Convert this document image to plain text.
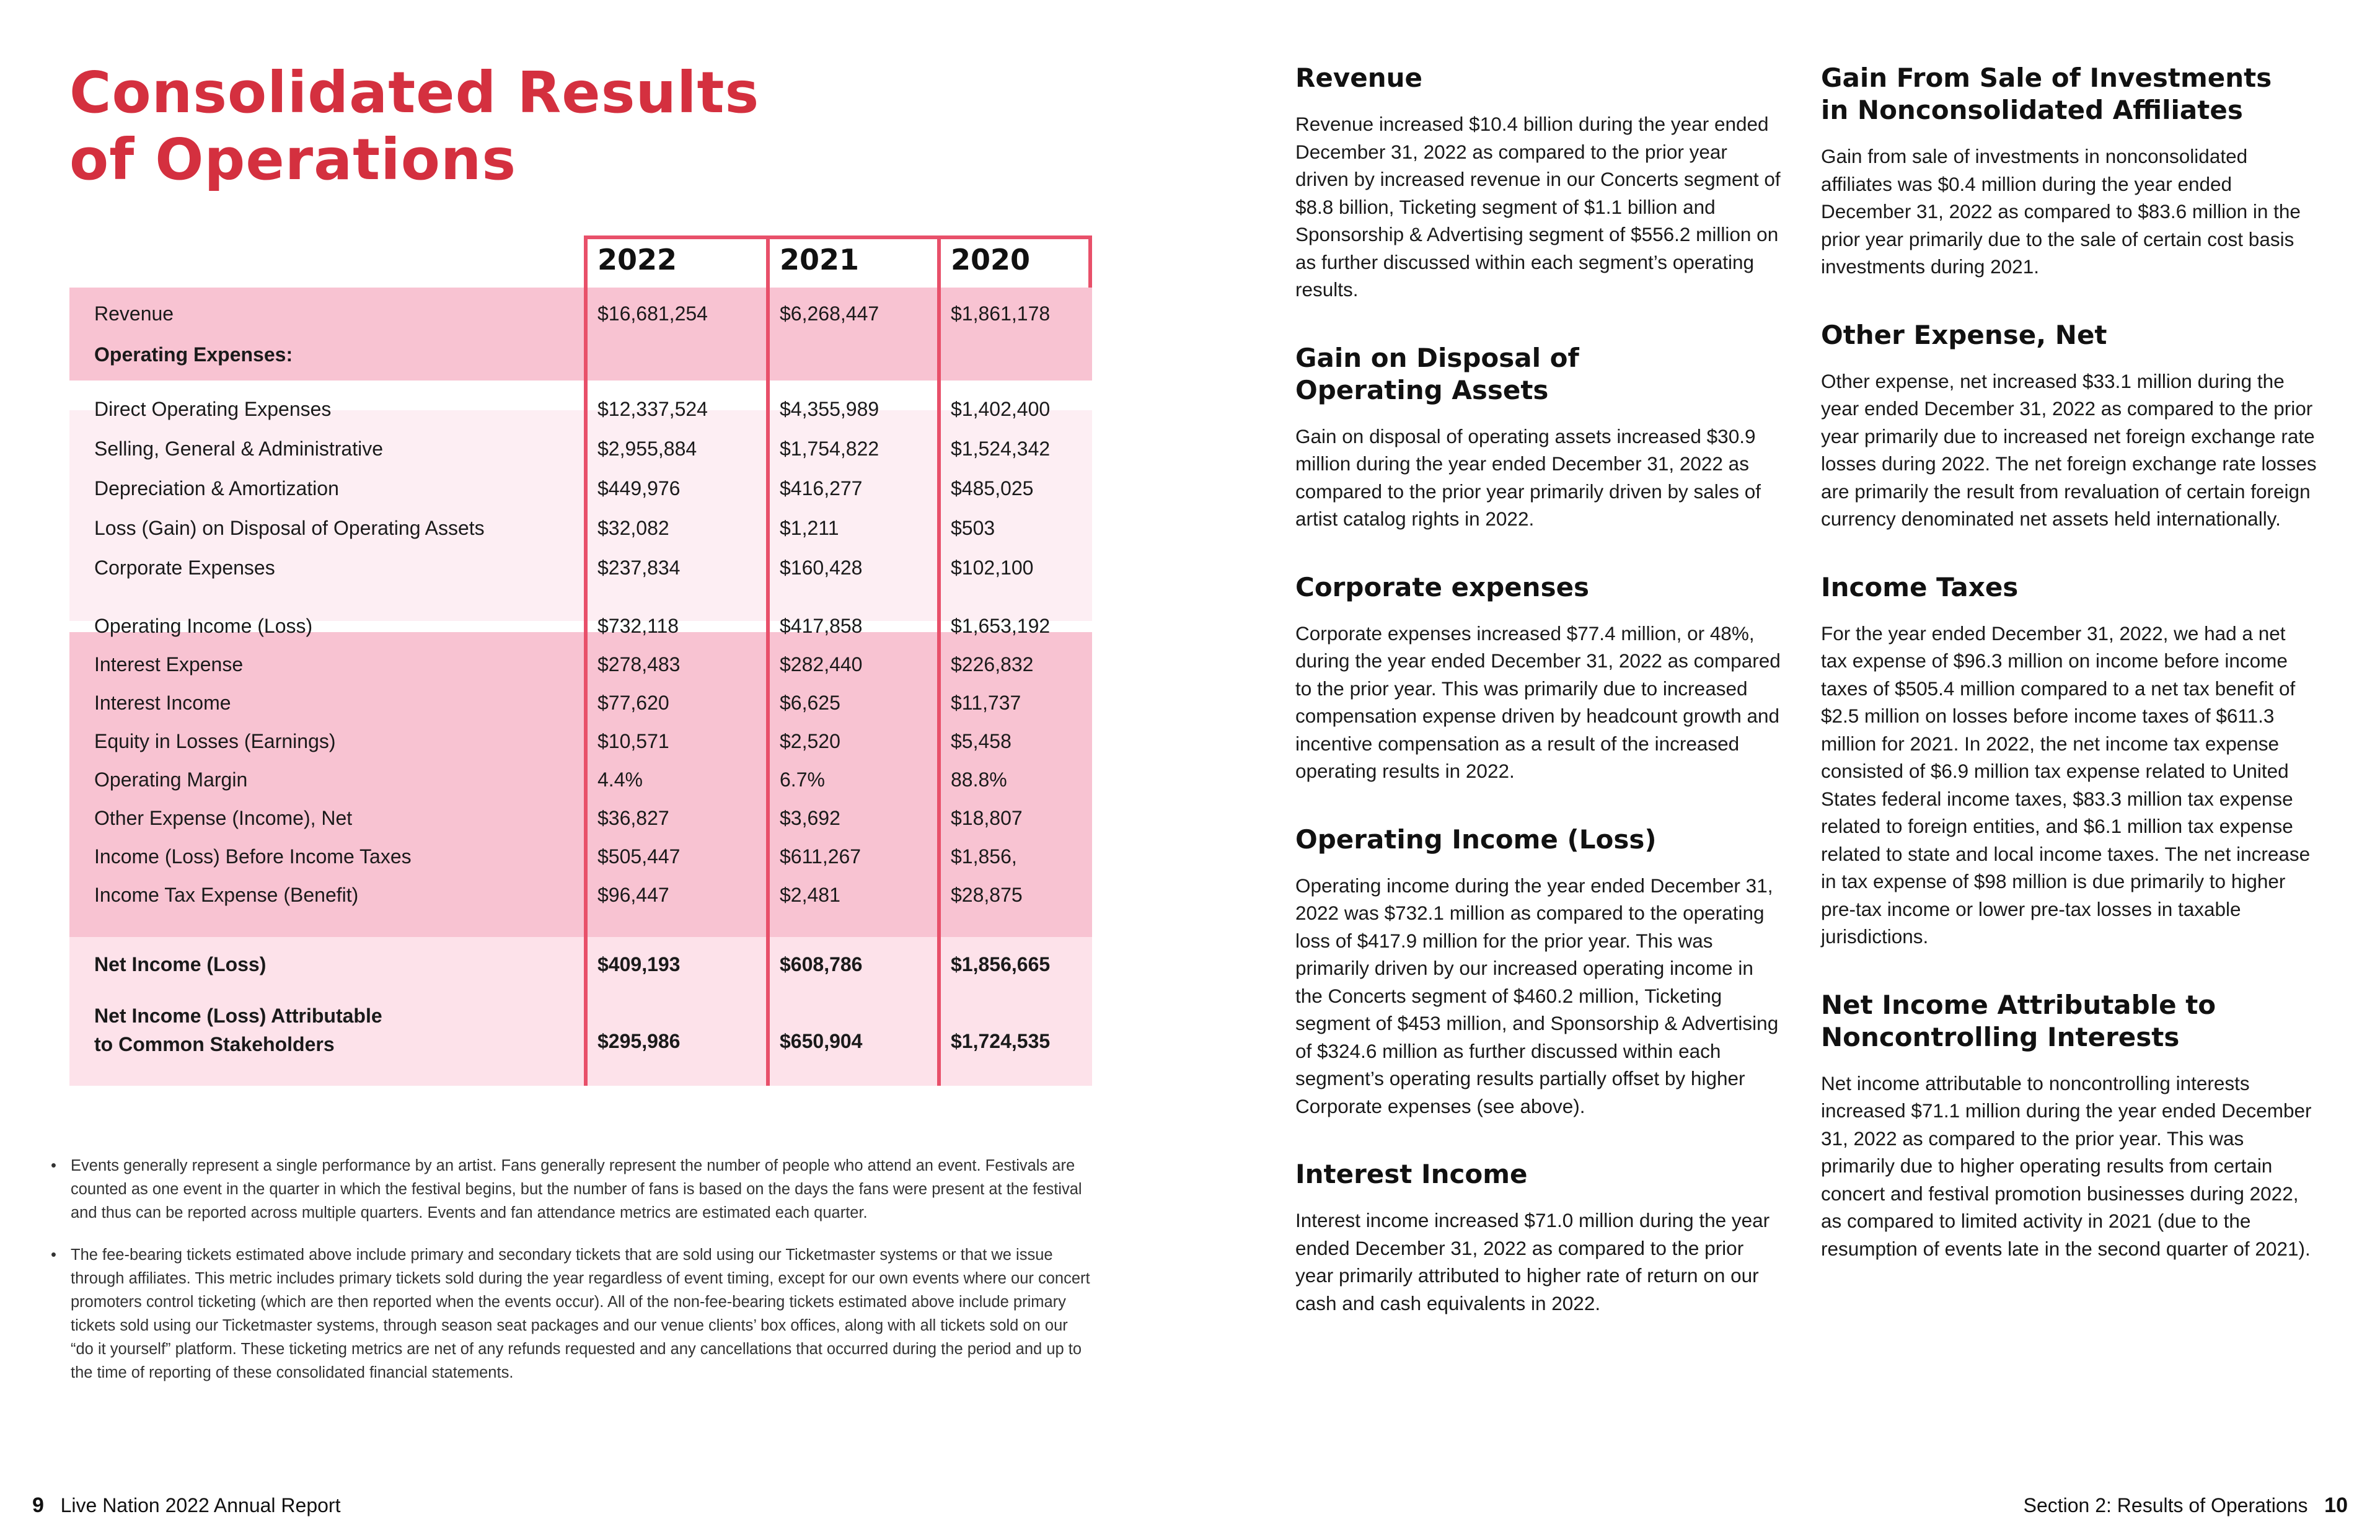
Consolidated Results
of Operations
2022	2021	2020
Revenue	$16,681,254	$6,268,447	$1,861,178
Operating Expenses:
Direct Operating Expenses	$12,337,524	$4,355,989	$1,402,400
Selling, General & Administrative	$2,955,884	$1,754,822	$1,524,342
Depreciation & Amortization	$449,976	$416,277	$485,025
Loss (Gain) on Disposal of Operating Assets	$32,082	$1,211	$503
Corporate Expenses	$237,834	$160,428	$102,100
Operating Income (Loss)	$732,118	$417,858	$1,653,192
Interest Expense	$278,483	$282,440	$226,832
Interest Income	$77,620	$6,625	$11,737
Equity in Losses (Earnings)	$10,571	$2,520	$5,458
Operating Margin	4.4%	6.7%	88.8%
Other Expense (Income), Net	$36,827	$3,692	$18,807
Income (Loss) Before Income Taxes	$505,447	$611,267	$1,856,
Income Tax Expense (Benefit)	$96,447	$2,481	$28,875
Net Income (Loss)	$409,193	$608,786	$1,856,665
Net Income (Loss) Attributable
to Common Stakeholders	$295,986	$650,904	$1,724,535
• Events generally represent a single performance by an artist. Fans generally represent the number of people who attend an event. Festivals are counted as one event in the quarter in which the festival begins, but the number of fans is based on the days the fans were present at the festival and thus can be reported across multiple quarters. Events and fan attendance metrics are estimated each quarter.
• The fee-bearing tickets estimated above include primary and secondary tickets that are sold using our Ticketmaster systems or that we issue through affiliates. This metric includes primary tickets sold during the year regardless of event timing, except for our own events where our concert promoters control ticketing (which are then reported when the events occur). All of the non-fee-bearing tickets estimated above include primary tickets sold using our Ticketmaster systems, through season seat packages and our venue clients’ box offices, along with all tickets sold on our “do it yourself” platform. These ticketing metrics are net of any refunds requested and any cancellations that occurred during the period and up to the time of reporting of these consolidated financial statements.
Revenue

Revenue increased $10.4 billion during the year ended December 31, 2022 as compared to the prior year driven by increased revenue in our Concerts segment of $8.8 billion, Ticketing segment of $1.1 billion and Sponsorship & Advertising segment of $556.2 million on as further discussed within each segment’s operating results.

Gain on Disposal of
Operating Assets

Gain on disposal of operating assets increased $30.9 million during the year ended December 31, 2022 as compared to the prior year primarily driven by sales of artist catalog rights in 2022.

Corporate expenses

Corporate expenses increased $77.4 million, or 48%, during the year ended December 31, 2022 as compared to the prior year. This was primarily due to increased compensation expense driven by headcount growth and incentive compensation as a result of the increased operating results in 2022.

Operating Income (Loss)

Operating income during the year ended December 31, 2022 was $732.1 million as compared to the operating loss of $417.9 million for the prior year. This was primarily driven by our increased operating income in the Concerts segment of $460.2 million, Ticketing segment of $453 million, and Sponsorship & Advertising of $324.6 million as further discussed within each segment’s operating results partially offset by higher Corporate expenses (see above).

Interest Income

Interest income increased $71.0 million during the year ended December 31, 2022 as compared to the prior year primarily attributed to higher rate of return on our cash and cash equivalents in 2022.

Gain From Sale of Investments
in Nonconsolidated Affiliates

Gain from sale of investments in nonconsolidated affiliates was $0.4 million during the year ended December 31, 2022 as compared to $83.6 million in the prior year primarily due to the sale of certain cost basis investments during 2021.

Other Expense, Net

Other expense, net increased $33.1 million during the year ended December 31, 2022 as compared to the prior year primarily due to increased net foreign exchange rate losses during 2022. The net foreign exchange rate losses are primarily the result from revaluation of certain foreign currency denominated net assets held internationally.

Income Taxes

For the year ended December 31, 2022, we had a net tax expense of $96.3 million on income before income taxes of $505.4 million compared to a net tax benefit of $2.5 million on losses before income taxes of $611.3 million for 2021. In 2022, the net income tax expense consisted of $6.9 million tax expense related to United States federal income taxes, $83.3 million tax expense related to foreign entities, and $6.1 million tax expense related to state and local income taxes. The net increase in tax expense of $98 million is due primarily to higher pre-tax income or lower pre-tax losses in taxable jurisdictions.

Net Income Attributable to
Noncontrolling Interests

Net income attributable to noncontrolling interests increased $71.1 million during the year ended December 31, 2022 as compared to the prior year. This was primarily due to higher operating results from certain concert and festival promotion businesses during 2022, as compared to limited activity in 2021 (due to the resumption of events late in the second quarter of 2021).

9 Live Nation 2022 Annual Report	Section 2: Results of Operations 10
